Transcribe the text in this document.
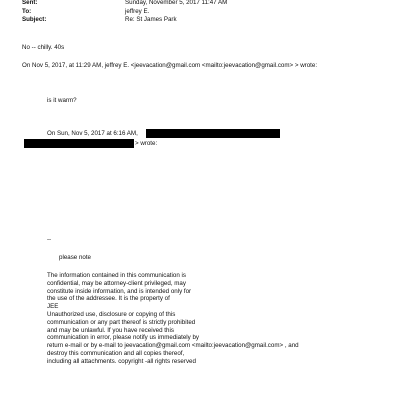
Sent:	Sunday, November 5, 2017 11:47 AM
To:	jeffrey E.
Subject:	Re: St James Park
No -- chilly. 40s
On Nov 5, 2017, at 11:29 AM, jeffrey E. <jeevacation@gmail.com <mailto:jeevacation@gmail.com> > wrote:
is it warm?
On Sun, Nov 5, 2017 at 6:16 AM,
> wrote:
--
please note
The information contained in this communication is
confidential, may be attorney-client privileged, may
constitute inside information, and is intended only for
the use of the addressee. It is the property of
JEE
Unauthorized use, disclosure or copying of this
communication or any part thereof is strictly prohibited
and may be unlawful. If you have received this
communication in error, please notify us immediately by
return e-mail or by e-mail to jeevacation@gmail.com <mailto:jeevacation@gmail.com> , and
destroy this communication and all copies thereof,
including all attachments. copyright -all rights reserved
